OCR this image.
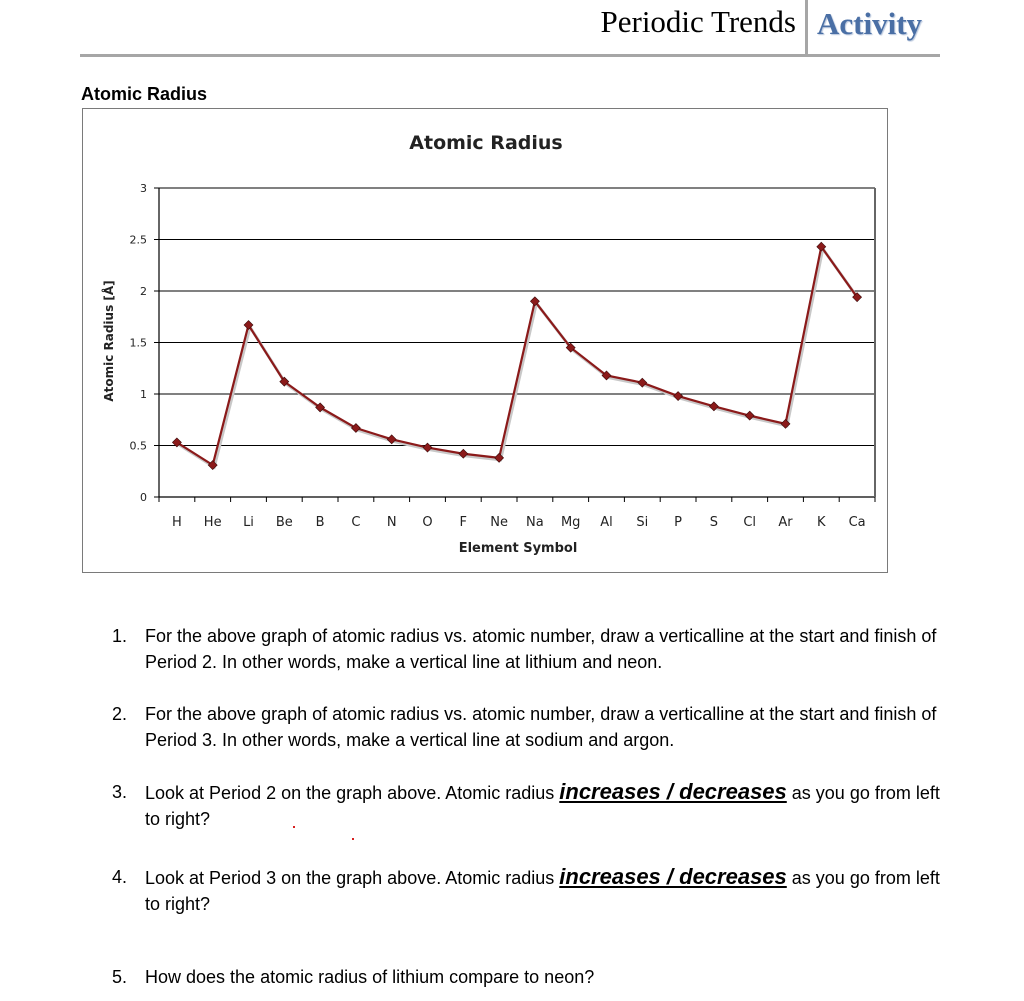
Periodic Trends Activity
Atomic Radius
0
0.5
1
1.5
2
2.5
3
H He Li Be B C N O F Ne Na Mg Al Si P S Cl Ar K Ca
Atomic Radius
Element Symbol
Atomic Radius [Å]
1. For the above graph of atomic radius vs. atomic number, draw a verticalline at the start and finish of Period 2. In other words, make a vertical line at lithium and neon.
2. For the above graph of atomic radius vs. atomic number, draw a verticalline at the start and finish of Period 3. In other words, make a vertical line at sodium and argon.
3. Look at Period 2 on the graph above. Atomic radius increases / decreases as you go from left to right?
4. Look at Period 3 on the graph above. Atomic radius increases / decreases as you go from left to right?
5. How does the atomic radius of lithium compare to neon?
